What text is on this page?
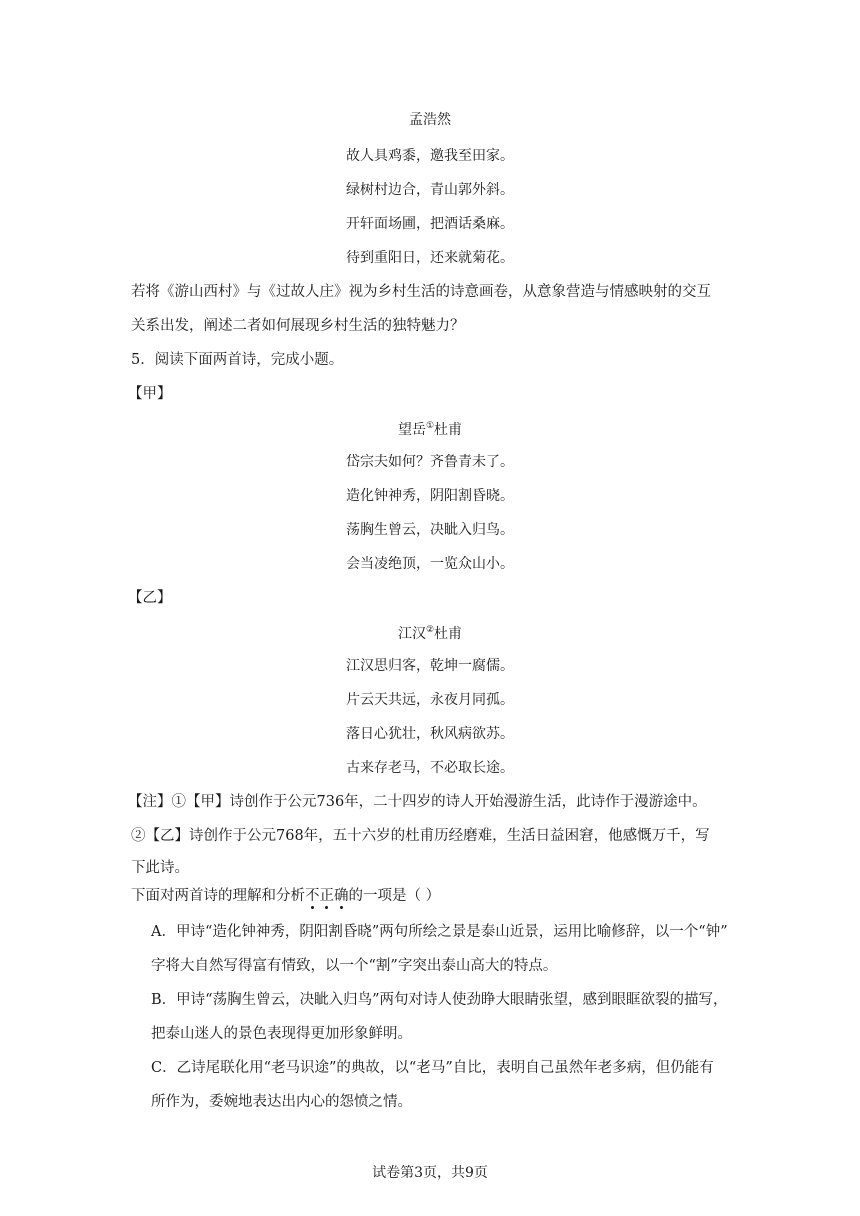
孟浩然
故人具鸡黍，邀我至田家。
绿树村边合，青山郭外斜。
开轩面场圃，把酒话桑麻。
待到重阳日，还来就菊花。
若将《游山西村》与《过故人庄》视为乡村生活的诗意画卷，从意象营造与情感映射的交互
关系出发，阐述二者如何展现乡村生活的独特魅力？
5．阅读下面两首诗，完成小题。
【甲】
望岳①杜甫
岱宗夫如何？齐鲁青未了。
造化钟神秀，阴阳割昏晓。
荡胸生曾云，决眦入归鸟。
会当凌绝顶，一览众山小。
【乙】
江汉②杜甫
江汉思归客，乾坤一腐儒。
片云天共远，永夜月同孤。
落日心犹壮，秋风病欲苏。
古来存老马，不必取长途。
【注】①【甲】诗创作于公元736年，二十四岁的诗人开始漫游生活，此诗作于漫游途中。
②【乙】诗创作于公元768年，五十六岁的杜甫历经磨难，生活日益困窘，他感慨万千，写
下此诗。
下面对两首诗的理解和分析不正确的一项是（ ）
A．甲诗“造化钟神秀，阴阳割昏晓”两句所绘之景是泰山近景，运用比喻修辞，以一个“钟”
字将大自然写得富有情致，以一个“割”字突出泰山高大的特点。
B．甲诗“荡胸生曾云，决眦入归鸟”两句对诗人使劲睁大眼睛张望，感到眼眶欲裂的描写，
把泰山迷人的景色表现得更加形象鲜明。
C．乙诗尾联化用“老马识途”的典故，以“老马”自比，表明自己虽然年老多病，但仍能有
所作为，委婉地表达出内心的怨愤之情。
试卷第3页，共9页
